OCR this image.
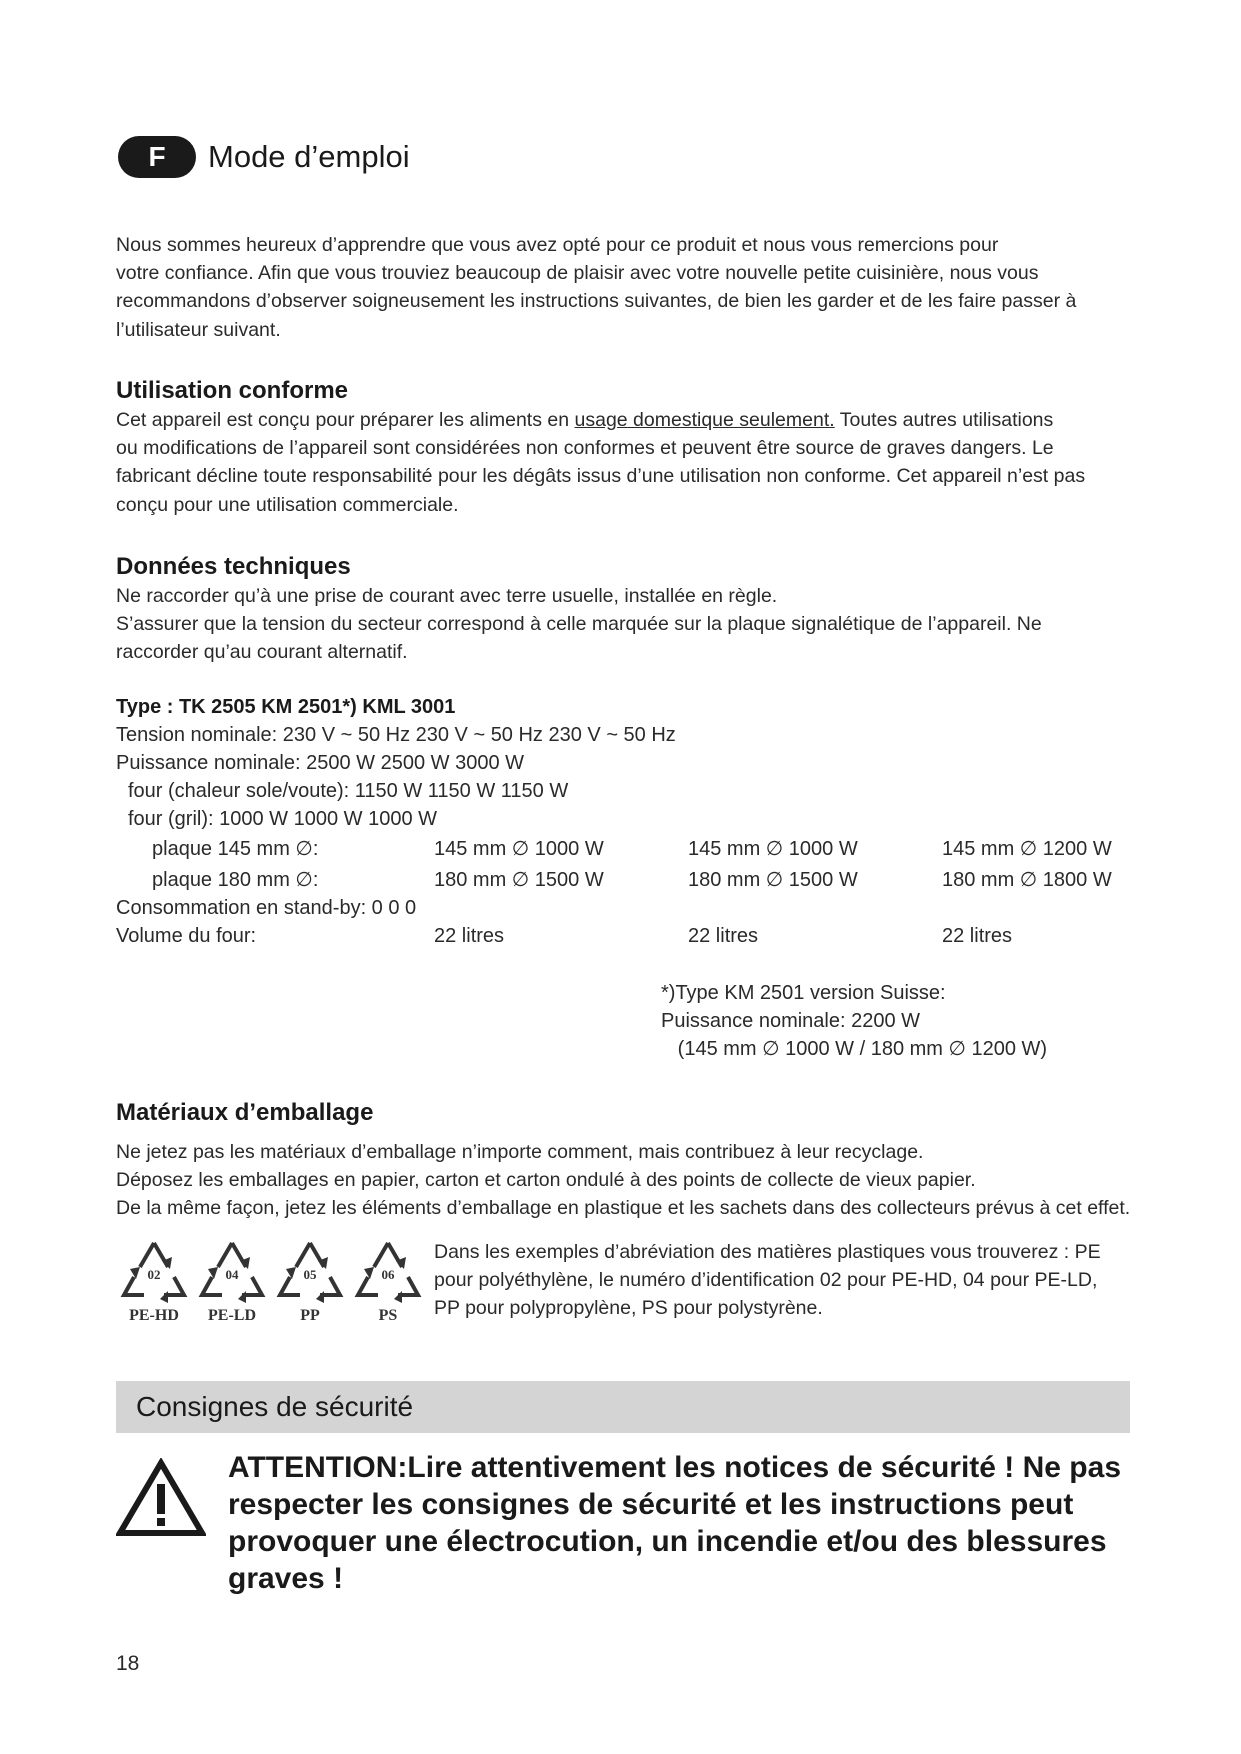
F	Mode d’emploi

Nous sommes heureux d’apprendre que vous avez opté pour ce produit et nous vous remercions pour

votre confiance. Afin que vous trouviez beaucoup de plaisir avec votre nouvelle petite cuisinière, nous vous

recommandons d’observer soigneusement les instructions suivantes, de bien les garder et de les faire passer à

l’utilisateur suivant.

Utilisation conforme

Cet appareil est conçu pour préparer les aliments en usage domestique seulement. Toutes autres utilisations

ou modifications de l’appareil sont considérées non conformes et peuvent être source de graves dangers. Le

fabricant décline toute responsabilité pour les dégâts issus d’une utilisation non conforme. Cet appareil n’est pas

conçu pour une utilisation commerciale.

Données techniques

Ne raccorder qu’à une prise de courant avec terre usuelle, installée en règle.

S’assurer que la tension du secteur correspond à celle marquée sur la plaque signalétique de l’appareil. Ne

raccorder qu’au courant alternatif.

Type : TK 2505 KM 2501*) KML 3001
Tension nominale: 230 V ~ 50 Hz 230 V ~ 50 Hz 230 V ~ 50 Hz
Puissance nominale: 2500 W 2500 W 3000 W
four (chaleur sole/voute): 1150 W 1150 W 1150 W
four (gril): 1000 W 1000 W 1000 W
plaque 145 mm ∅:	145 mm ∅ 1000 W	145 mm ∅ 1000 W	145 mm ∅ 1200 W
plaque 180 mm ∅:	180 mm ∅ 1500 W	180 mm ∅ 1500 W	180 mm ∅ 1800 W
Consommation en stand-by: 0 0 0
Volume du four:	22 litres	22 litres	22 litres

*)Type KM 2501 version Suisse:

Puissance nominale: 2200 W

(145 mm ∅ 1000 W / 180 mm ∅ 1200 W)

Matériaux d’emballage

Ne jetez pas les matériaux d’emballage n’importe comment, mais contribuez à leur recyclage.

Déposez les emballages en papier, carton et carton ondulé à des points de collecte de vieux papier.

De la même façon, jetez les éléments d’emballage en plastique et les sachets dans des collecteurs prévus à cet effet.

02
PE-HD
04
PE-LD
05
PP
06
PS

Dans les exemples d’abréviation des matières plastiques vous trouverez : PE

pour polyéthylène, le numéro d’identification 02 pour PE-HD, 04 pour PE-LD,

PP pour polypropylène, PS pour polystyrène.

Consignes de sécurité

ATTENTION:Lire attentivement les notices de sécurité ! Ne pas

respecter les consignes de sécurité et les instructions peut

provoquer une électrocution, un incendie et/ou des blessures

graves !

18
